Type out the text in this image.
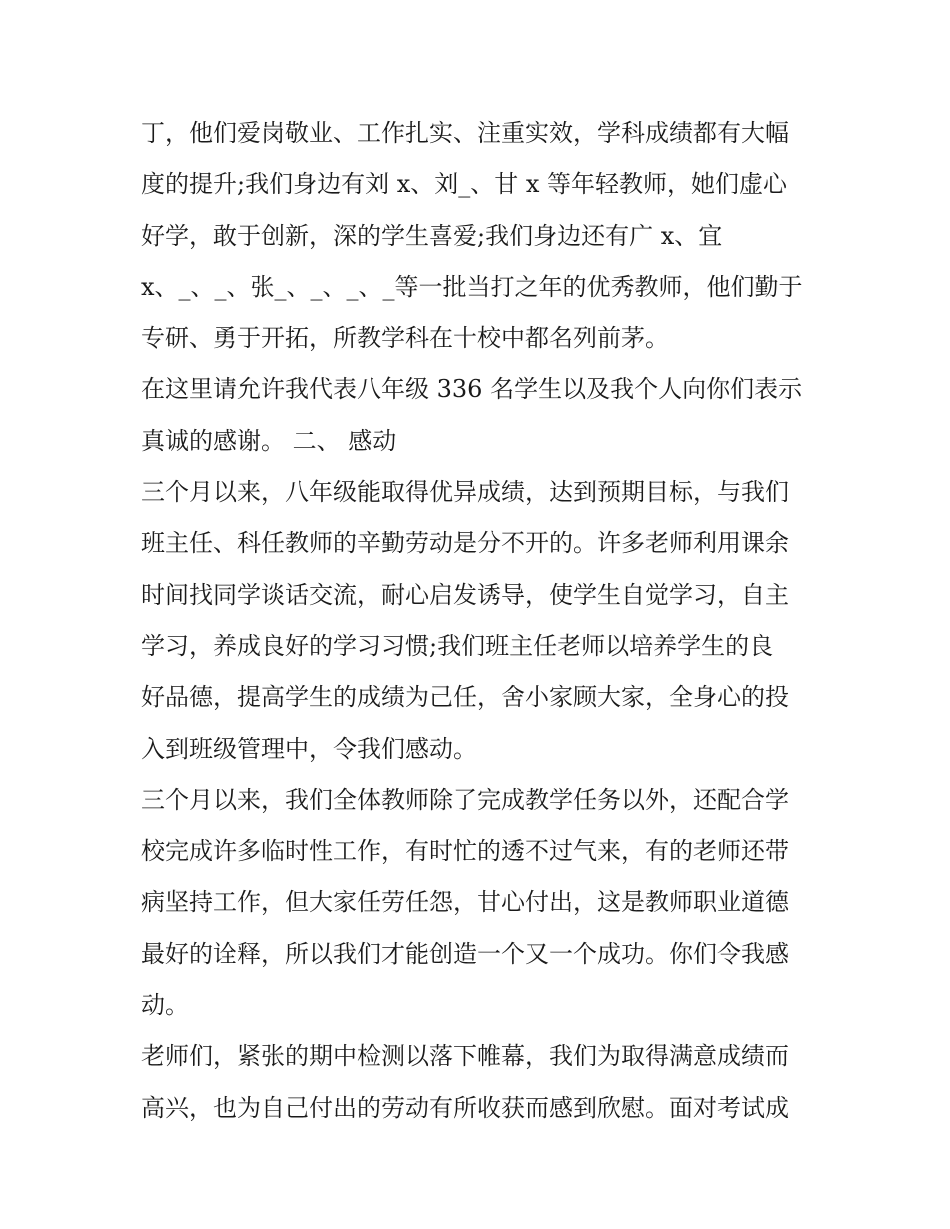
丁，他们爱岗敬业、工作扎实、注重实效，学科成绩都有大幅

度的提升;我们身边有刘 x、刘_、甘 x 等年轻教师，她们虚心

好学，敢于创新，深的学生喜爱;我们身边还有广 x、宜

x、_、_、张_、_、_、_等一批当打之年的优秀教师，他们勤于

专研、勇于开拓，所教学科在十校中都名列前茅。

在这里请允许我代表八年级 336 名学生以及我个人向你们表示

真诚的感谢。 二、 感动

三个月以来，八年级能取得优异成绩，达到预期目标，与我们

班主任、科任教师的辛勤劳动是分不开的。许多老师利用课余

时间找同学谈话交流，耐心启发诱导，使学生自觉学习，自主

学习，养成良好的学习习惯;我们班主任老师以培养学生的良

好品德，提高学生的成绩为己任，舍小家顾大家，全身心的投

入到班级管理中，令我们感动。

三个月以来，我们全体教师除了完成教学任务以外，还配合学

校完成许多临时性工作，有时忙的透不过气来，有的老师还带

病坚持工作，但大家任劳任怨，甘心付出，这是教师职业道德

最好的诠释，所以我们才能创造一个又一个成功。你们令我感

动。

老师们，紧张的期中检测以落下帷幕，我们为取得满意成绩而

高兴，也为自己付出的劳动有所收获而感到欣慰。面对考试成
